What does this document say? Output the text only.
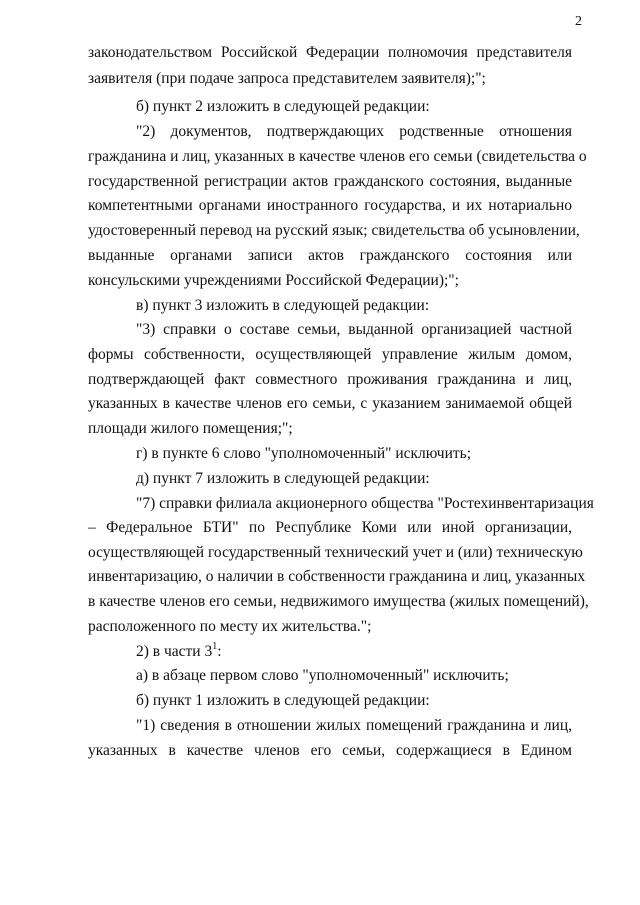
2
законодательством Российской Федерации полномочия представителя
заявителя (при подаче запроса представителем заявителя);";
б) пункт 2 изложить в следующей редакции:
"2) документов, подтверждающих родственные отношения
гражданина и лиц, указанных в качестве членов его семьи (свидетельства о
государственной регистрации актов гражданского состояния, выданные
компетентными органами иностранного государства, и их нотариально
удостоверенный перевод на русский язык; свидетельства об усыновлении,
выданные органами записи актов гражданского состояния или
консульскими учреждениями Российской Федерации);";
в) пункт 3 изложить в следующей редакции:
"3) справки о составе семьи, выданной организацией частной
формы собственности, осуществляющей управление жилым домом,
подтверждающей факт совместного проживания гражданина и лиц,
указанных в качестве членов его семьи, с указанием занимаемой общей
площади жилого помещения;";
г) в пункте 6 слово "уполномоченный" исключить;
д) пункт 7 изложить в следующей редакции:
"7) справки филиала акционерного общества "Ростехинвентаризация
– Федеральное БТИ" по Республике Коми или иной организации,
осуществляющей государственный технический учет и (или) техническую
инвентаризацию, о наличии в собственности гражданина и лиц, указанных
в качестве членов его семьи, недвижимого имущества (жилых помещений),
расположенного по месту их жительства.";
2) в части $3^1$:
а) в абзаце первом слово "уполномоченный" исключить;
б) пункт 1 изложить в следующей редакции:
"1) сведения в отношении жилых помещений гражданина и лиц,
указанных в качестве членов его семьи, содержащиеся в Едином
